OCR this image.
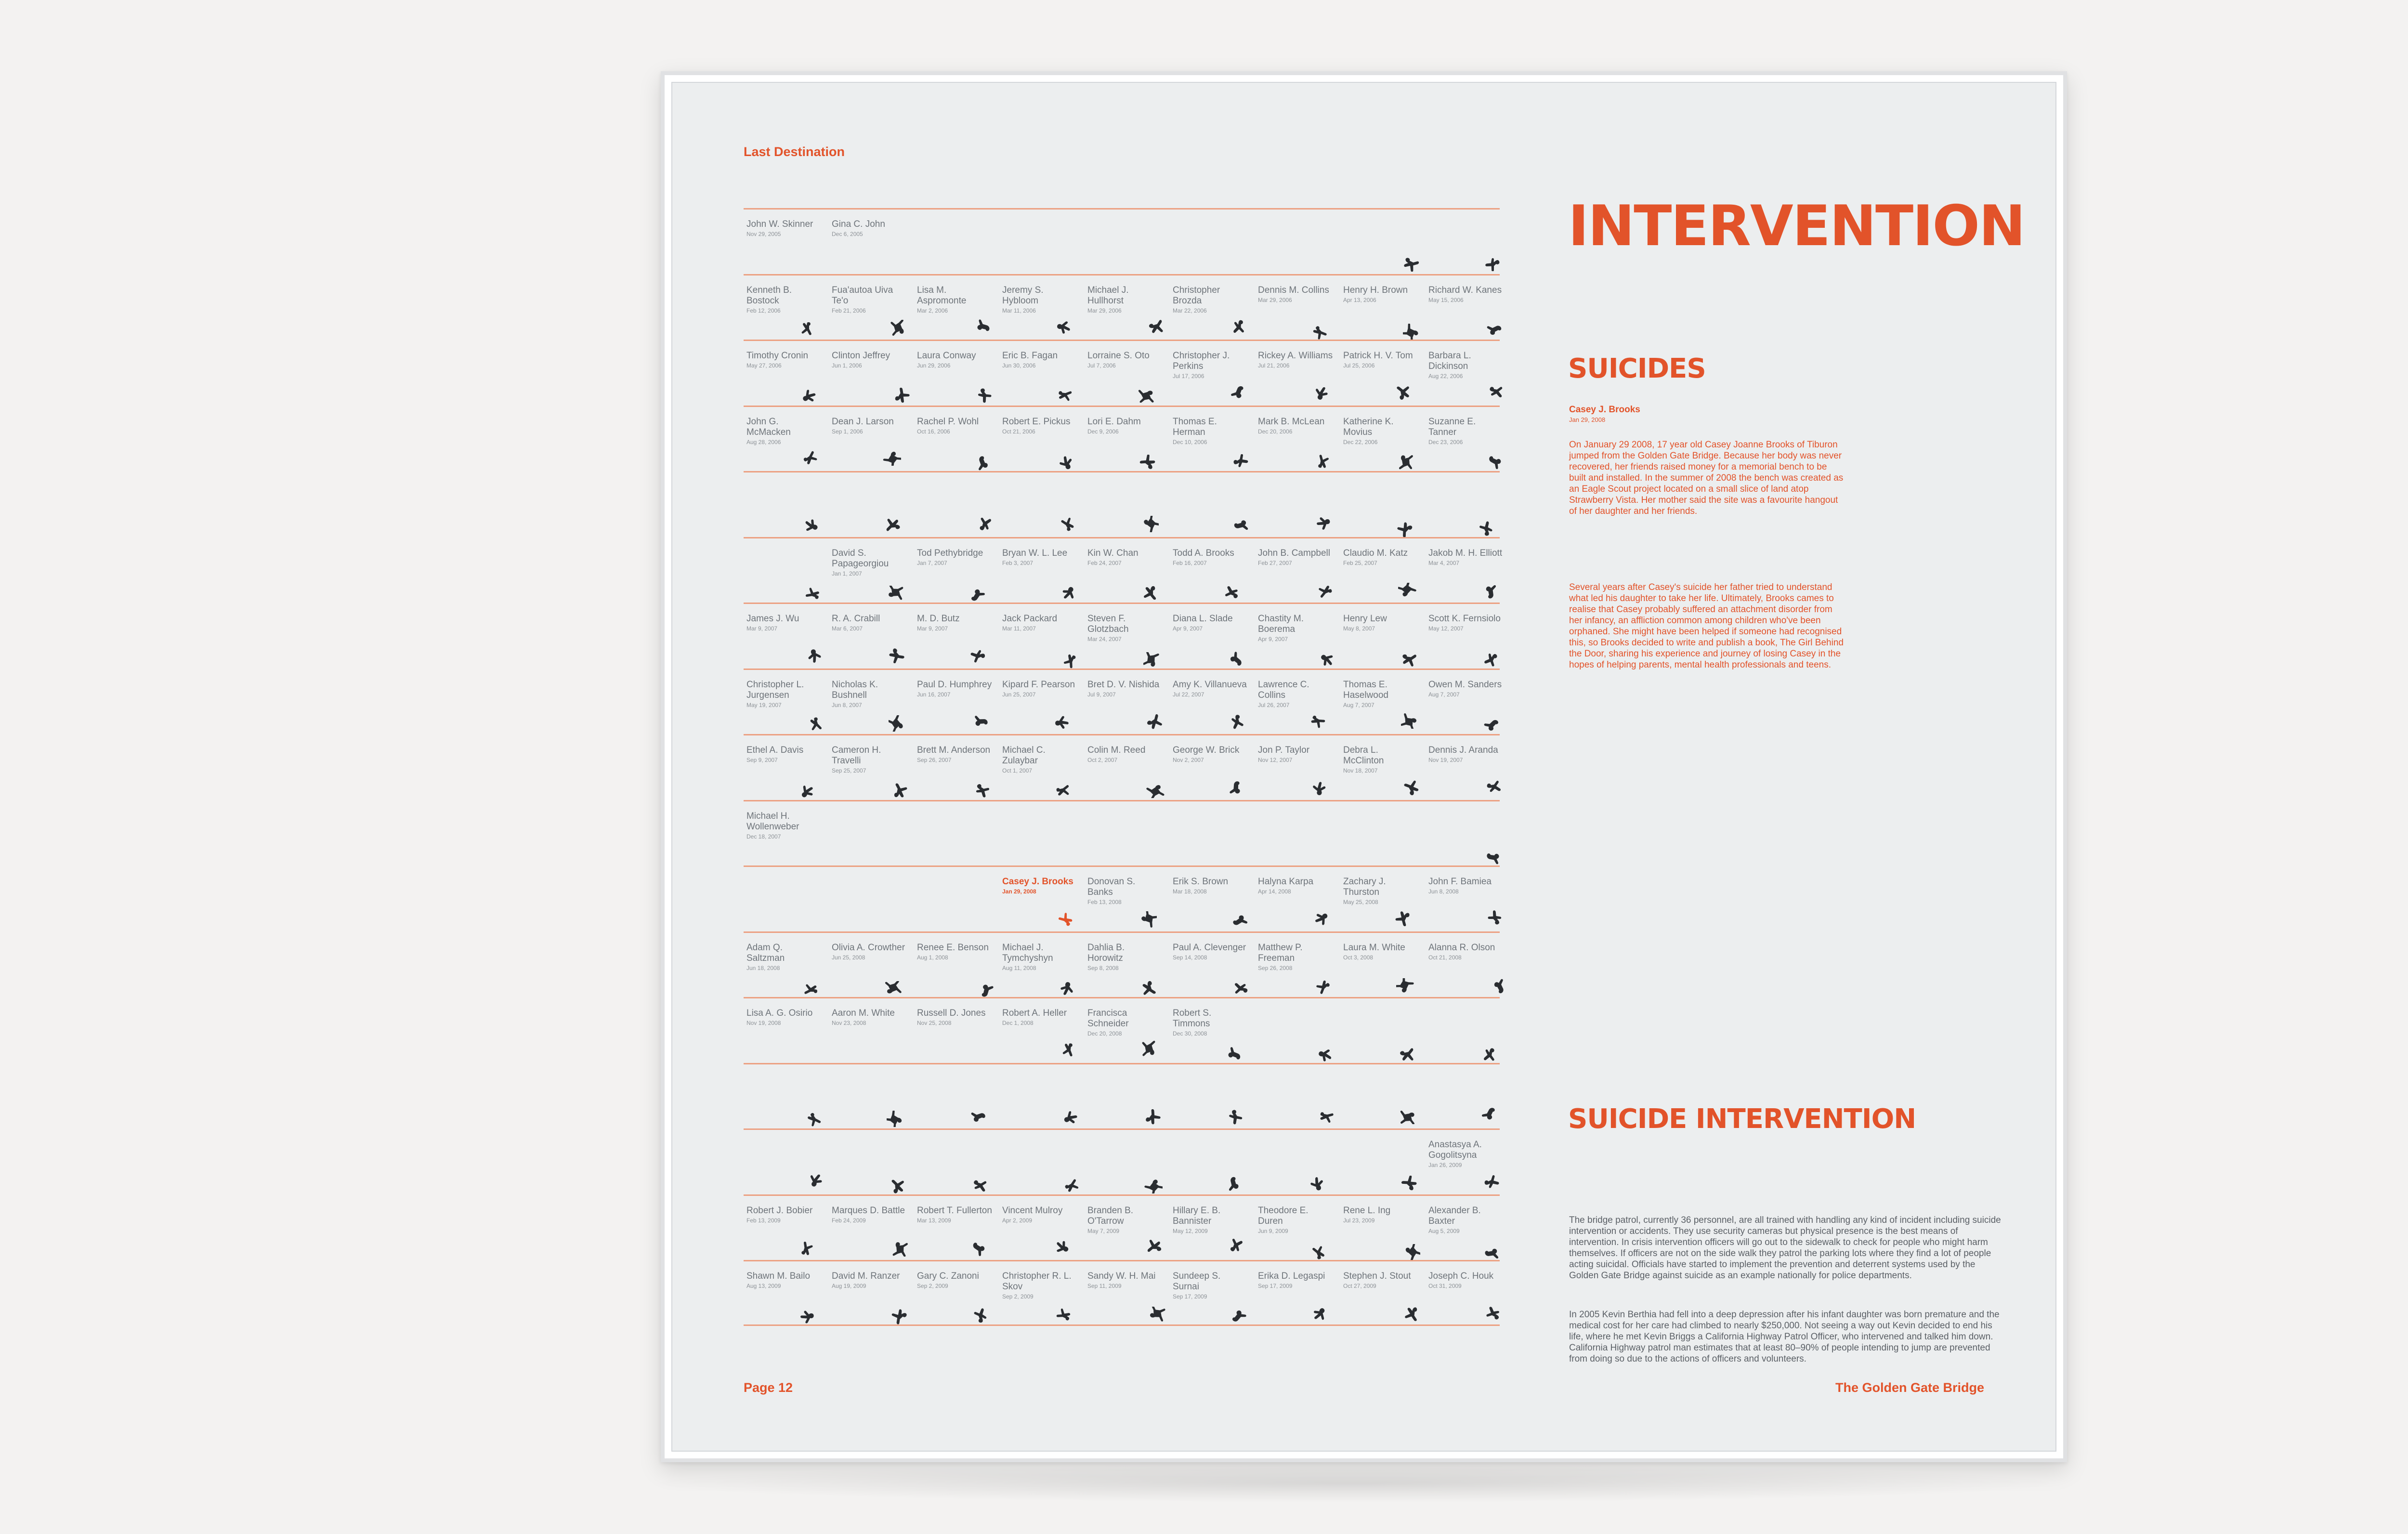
Last Destination
John W. Skinner
Nov 29, 2005
Gina C. John
Dec 6, 2005
Kenneth B. Bostock
Feb 12, 2006
Fua'autoa Uiva Te'o
Feb 21, 2006
Lisa M. Aspromonte
Mar 2, 2006
Jeremy S. Hybloom
Mar 11, 2006
Michael J. Hullhorst
Mar 29, 2006
Christopher Brozda
Mar 22, 2006
Dennis M. Collins
Mar 29, 2006
Henry H. Brown
Apr 13, 2006
Richard W. Kanes
May 15, 2006
Timothy Cronin
May 27, 2006
Clinton Jeffrey
Jun 1, 2006
Laura Conway
Jun 29, 2006
Eric B. Fagan
Jun 30, 2006
Lorraine S. Oto
Jul 7, 2006
Christopher J. Perkins
Jul 17, 2006
Rickey A. Williams
Jul 21, 2006
Patrick H. V. Tom
Jul 25, 2006
Barbara L. Dickinson
Aug 22, 2006
John G. McMacken
Aug 28, 2006
Dean J. Larson
Sep 1, 2006
Rachel P. Wohl
Oct 16, 2006
Robert E. Pickus
Oct 21, 2006
Lori E. Dahm
Dec 9, 2006
Thomas E. Herman
Dec 10, 2006
Mark B. McLean
Dec 20, 2006
Katherine K. Movius
Dec 22, 2006
Suzanne E. Tanner
Dec 23, 2006
David S. Papageorgiou
Jan 1, 2007
Tod Pethybridge
Jan 7, 2007
Bryan W. L. Lee
Feb 3, 2007
Kin W. Chan
Feb 24, 2007
Todd A. Brooks
Feb 16, 2007
John B. Campbell
Feb 27, 2007
Claudio M. Katz
Feb 25, 2007
Jakob M. H. Elliott
Mar 4, 2007
James J. Wu
Mar 9, 2007
R. A. Crabill
Mar 6, 2007
M. D. Butz
Mar 9, 2007
Jack Packard
Mar 11, 2007
Steven F. Glotzbach
Mar 24, 2007
Diana L. Slade
Apr 9, 2007
Chastity M. Boerema
Apr 9, 2007
Henry Lew
May 8, 2007
Scott K. Fernsiolo
May 12, 2007
Christopher L. Jurgensen
May 19, 2007
Nicholas K. Bushnell
Jun 8, 2007
Paul D. Humphrey
Jun 16, 2007
Kipard F. Pearson
Jun 25, 2007
Bret D. V. Nishida
Jul 9, 2007
Amy K. Villanueva
Jul 22, 2007
Lawrence C. Collins
Jul 26, 2007
Thomas E. Haselwood
Aug 7, 2007
Owen M. Sanders
Aug 7, 2007
Ethel A. Davis
Sep 9, 2007
Cameron H. Travelli
Sep 25, 2007
Brett M. Anderson
Sep 26, 2007
Michael C. Zulaybar
Oct 1, 2007
Colin M. Reed
Oct 2, 2007
George W. Brick
Nov 2, 2007
Jon P. Taylor
Nov 12, 2007
Debra L. McClinton
Nov 18, 2007
Dennis J. Aranda
Nov 19, 2007
Michael H. Wollenweber
Dec 18, 2007
Casey J. Brooks
Jan 29, 2008
Donovan S. Banks
Feb 13, 2008
Erik S. Brown
Mar 18, 2008
Halyna Karpa
Apr 14, 2008
Zachary J. Thurston
May 25, 2008
John F. Bamiea
Jun 8, 2008
Adam Q. Saltzman
Jun 18, 2008
Olivia A. Crowther
Jun 25, 2008
Renee E. Benson
Aug 1, 2008
Michael J. Tymchyshyn
Aug 11, 2008
Dahlia B. Horowitz
Sep 8, 2008
Paul A. Clevenger
Sep 14, 2008
Matthew P. Freeman
Sep 26, 2008
Laura M. White
Oct 3, 2008
Alanna R. Olson
Oct 21, 2008
Lisa A. G. Osirio
Nov 19, 2008
Aaron M. White
Nov 23, 2008
Russell D. Jones
Nov 25, 2008
Robert A. Heller
Dec 1, 2008
Francisca Schneider
Dec 20, 2008
Robert S. Timmons
Dec 30, 2008
Anastasya A. Gogolitsyna
Jan 26, 2009
Robert J. Bobier
Feb 13, 2009
Marques D. Battle
Feb 24, 2009
Robert T. Fullerton
Mar 13, 2009
Vincent Mulroy
Apr 2, 2009
Branden B. O'Tarrow
May 7, 2009
Hillary E. B. Bannister
May 12, 2009
Theodore E. Duren
Jun 9, 2009
Rene L. Ing
Jul 23, 2009
Alexander B. Baxter
Aug 5, 2009
Shawn M. Bailo
Aug 13, 2009
David M. Ranzer
Aug 19, 2009
Gary C. Zanoni
Sep 2, 2009
Christopher R. L. Skov
Sep 2, 2009
Sandy W. H. Mai
Sep 11, 2009
Sundeep S. Surnai
Sep 17, 2009
Erika D. Legaspi
Sep 17, 2009
Stephen J. Stout
Oct 27, 2009
Joseph C. Houk
Oct 31, 2009
INTERVENTION
SUICIDES
Casey J. Brooks
Jan 29, 2008
On January 29 2008, 17 year old Casey Joanne Brooks of Tiburon jumped from the Golden Gate Bridge. Because her body was never recovered, her friends raised money for a memorial bench to be built and installed. In the summer of 2008 the bench was created as an Eagle Scout project located on a small slice of land atop Strawberry Vista. Her mother said the site was a favourite hangout of her daughter and her friends.
Several years after Casey's suicide her father tried to understand what led his daughter to take her life. Ultimately, Brooks cames to realise that Casey probably suffered an attachment disorder from her infancy, an affliction common among children who've been orphaned. She might have been helped if someone had recognised this, so Brooks decided to write and publish a book, The Girl Behind the Door, sharing his experience and journey of losing Casey in the hopes of helping parents, mental health professionals and teens.
SUICIDE INTERVENTION
The bridge patrol, currently 36 personnel, are all trained with handling any kind of incident including suicide intervention or accidents. They use security cameras but physical presence is the best means of intervention. In crisis intervention officers will go out to the sidewalk to check for people who might harm themselves. If officers are not on the side walk they patrol the parking lots where they find a lot of people acting suicidal. Officials have started to implement the prevention and deterrent systems used by the Golden Gate Bridge against suicide as an example nationally for police departments.
In 2005 Kevin Berthia had fell into a deep depression after his infant daughter was born premature and the medical cost for her care had climbed to nearly $250,000. Not seeing a way out Kevin decided to end his life, where he met Kevin Briggs a California Highway Patrol Officer, who intervened and talked him down. California Highway patrol man estimates that at least 80–90% of people intending to jump are prevented from doing so due to the actions of officers and volunteers.
Page 12	The Golden Gate Bridge
